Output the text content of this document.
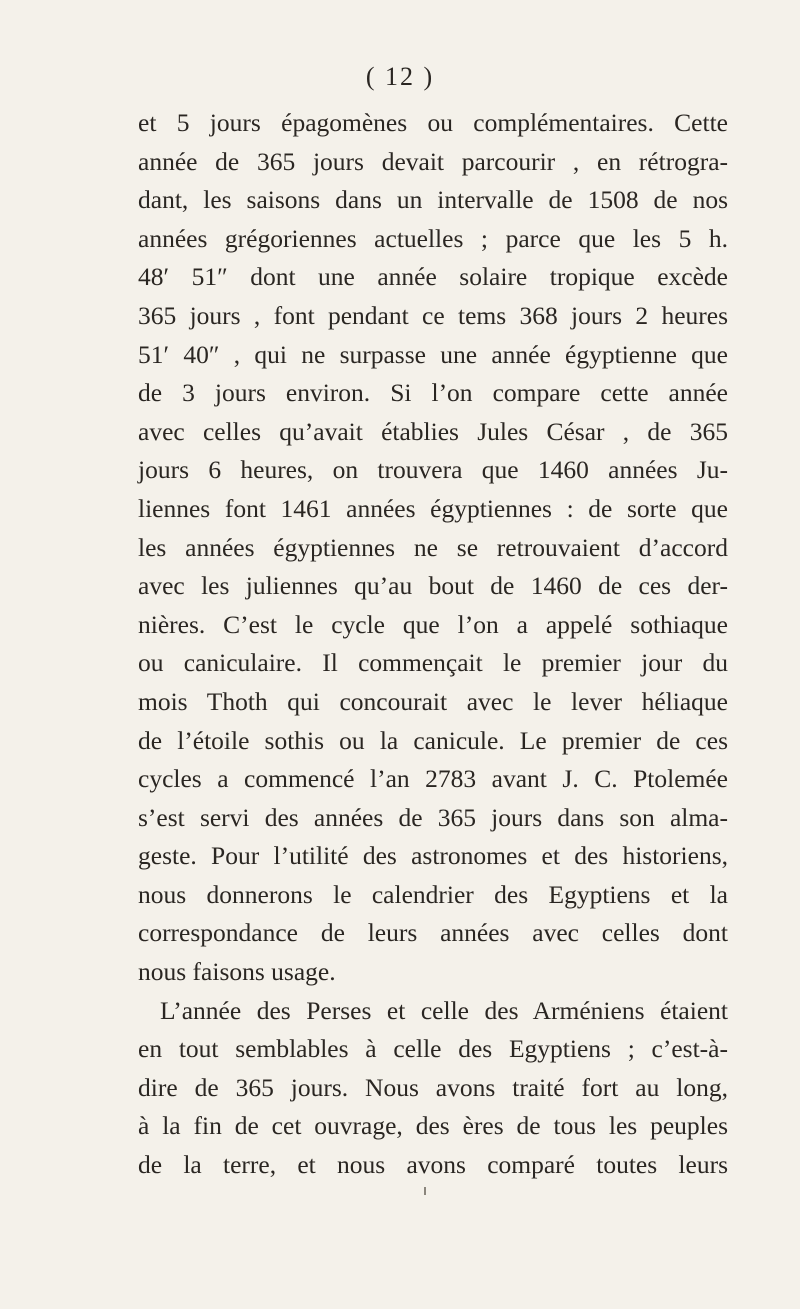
( 12 )
et 5 jours épagomènes ou complémentaires. Cette
année de 365 jours devait parcourir , en rétrogra-
dant, les saisons dans un intervalle de 1508 de nos
années grégoriennes actuelles ; parce que les 5 h.
48′ 51″ dont une année solaire tropique excède
365 jours , font pendant ce tems 368 jours 2 heures
51′ 40″ , qui ne surpasse une année égyptienne que
de 3 jours environ. Si l’on compare cette année
avec celles qu’avait établies Jules César , de 365
jours 6 heures, on trouvera que 1460 années Ju-
liennes font 1461 années égyptiennes : de sorte que
les années égyptiennes ne se retrouvaient d’accord
avec les juliennes qu’au bout de 1460 de ces der-
nières. C’est le cycle que l’on a appelé sothiaque
ou caniculaire. Il commençait le premier jour du
mois Thoth qui concourait avec le lever héliaque
de l’étoile sothis ou la canicule. Le premier de ces
cycles a commencé l’an 2783 avant J. C. Ptolemée
s’est servi des années de 365 jours dans son alma-
geste. Pour l’utilité des astronomes et des historiens,
nous donnerons le calendrier des Egyptiens et la
correspondance de leurs années avec celles dont
nous faisons usage.
L’année des Perses et celle des Arméniens étaient
en tout semblables à celle des Egyptiens ; c’est-à-
dire de 365 jours. Nous avons traité fort au long,
à la fin de cet ouvrage, des ères de tous les peuples
de la terre, et nous avons comparé toutes leurs
